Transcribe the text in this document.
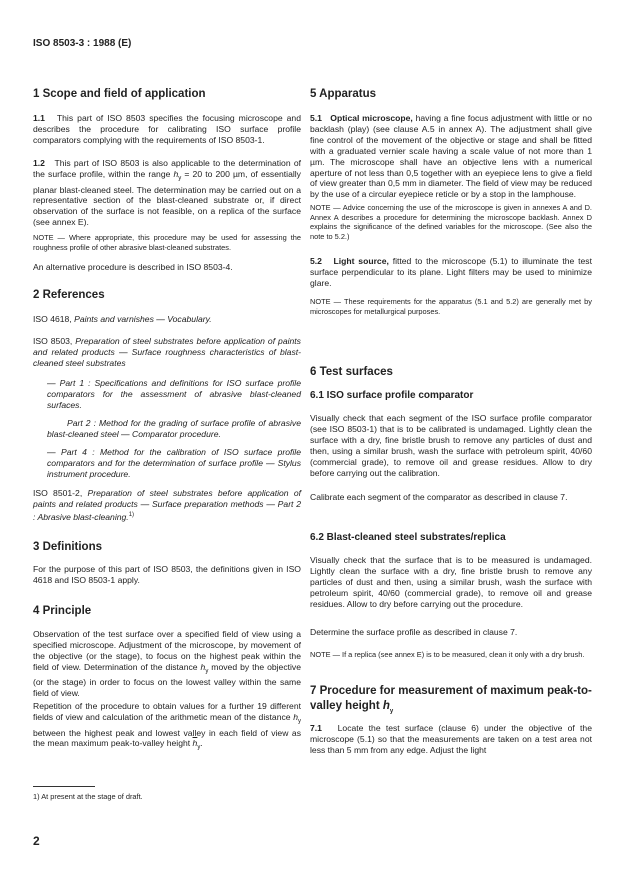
ISO 8503-3 : 1988 (E)
1 Scope and field of application

1.1 This part of ISO 8503 specifies the focusing microscope and describes the procedure for calibrating ISO surface profile comparators complying with the requirements of ISO 8503-1.

1.2 This part of ISO 8503 is also applicable to the determination of the surface profile, within the range $h_y = 20$ to 200 µm, of essentially planar blast-cleaned steel. The determination may be carried out on a representative section of the blast-cleaned substrate or, if direct observation of the surface is not feasible, on a replica of the surface (see annex E).

NOTE — Where appropriate, this procedure may be used for assessing the roughness profile of other abrasive blast-cleaned substrates.

An alternative procedure is described in ISO 8503-4.

2 References

ISO 4618, Paints and varnishes — Vocabulary.

ISO 8503, Preparation of steel substrates before application of paints and related products — Surface roughness characteristics of blast-cleaned steel substrates

— Part 1 : Specifications and definitions for ISO surface profile comparators for the assessment of abrasive blast-cleaned surfaces.

Part 2 : Method for the grading of surface profile of abrasive blast-cleaned steel — Comparator procedure.

— Part 4 : Method for the calibration of ISO surface profile comparators and for the determination of surface profile — Stylus instrument procedure.

ISO 8501-2, Preparation of steel substrates before application of paints and related products — Surface preparation methods — Part 2 : Abrasive blast-cleaning.$^{1)}$

3 Definitions

For the purpose of this part of ISO 8503, the definitions given in ISO 4618 and ISO 8503-1 apply.

4 Principle

Observation of the test surface over a specified field of view using a specified microscope. Adjustment of the microscope, by movement of the objective (or the stage), to focus on the highest peak within the field of view. Determination of the distance $h_y$ moved by the objective (or the stage) in order to focus on the lowest valley within the same field of view.

Repetition of the procedure to obtain values for a further 19 different fields of view and calculation of the arithmetic mean of the distance $h_y$ between the highest peak and lowest valley in each field of view as the mean maximum peak-to-valley height $\overline{h}_y$.

1) At present at the stage of draft.
2
5 Apparatus

5.1 Optical microscope, having a fine focus adjustment with little or no backlash (play) (see clause A.5 in annex A). The adjustment shall give fine control of the movement of the objective or stage and shall be fitted with a graduated vernier scale having a scale value of not more than 1 µm. The microscope shall have an objective lens with a numerical aperture of not less than 0,5 together with an eyepiece lens to give a field of view greater than 0,5 mm in diameter. The field of view may be reduced by the use of a circular eyepiece reticle or by a stop in the lamphouse.

NOTE — Advice concerning the use of the microscope is given in annexes A and D. Annex A describes a procedure for determining the microscope backlash. Annex D explains the significance of the defined variables for the microscope. (See also the note to 5.2.)

5.2 Light source, fitted to the microscope (5.1) to illuminate the test surface perpendicular to its plane. Light filters may be used to minimize glare.

NOTE — These requirements for the apparatus (5.1 and 5.2) are generally met by microscopes for metallurgical purposes.

6 Test surfaces
6.1 ISO surface profile comparator

Visually check that each segment of the ISO surface profile comparator (see ISO 8503-1) that is to be calibrated is undamaged. Lightly clean the surface with a dry, fine bristle brush to remove any particles of dust and then, using a similar brush, wash the surface with petroleum spirit, 40/60 (commercial grade), to remove oil and grease residues. Allow to dry before carrying out the calibration.

Calibrate each segment of the comparator as described in clause 7.

6.2 Blast-cleaned steel substrates/replica

Visually check that the surface that is to be measured is undamaged. Lightly clean the surface with a dry, fine bristle brush to remove any particles of dust and then, using a similar brush, wash the surface with petroleum spirit, 40/60 (commercial grade), to remove oil and grease residues. Allow to dry before carrying out the procedure.

Determine the surface profile as described in clause 7.

NOTE — If a replica (see annex E) is to be measured, clean it only with a dry brush.

7 Procedure for measurement of maximum peak-to-valley height $h_y$

7.1 Locate the test surface (clause 6) under the objective of the microscope (5.1) so that the measurements are taken on a test area not less than 5 mm from any edge. Adjust the light
